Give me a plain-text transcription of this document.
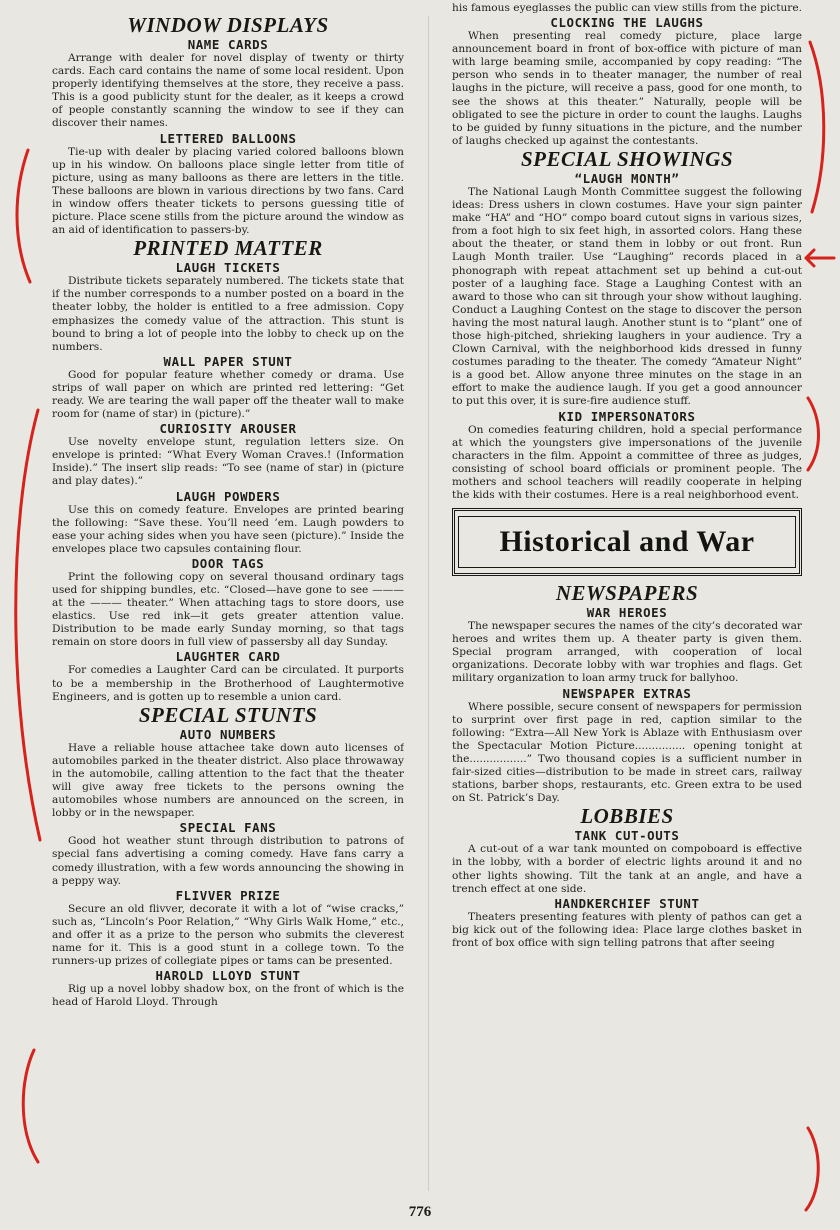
WINDOW DISPLAYS
NAME CARDS

Arrange with dealer for novel display of twenty or thirty cards. Each card contains the name of some local resident. Upon properly identifying themselves at the store, they receive a pass. This is a good publicity stunt for the dealer, as it keeps a crowd of people constantly scanning the window to see if they can discover their names.

LETTERED BALLOONS

Tie-up with dealer by placing varied colored balloons blown up in his window. On balloons place single letter from title of picture, using as many balloons as there are letters in the title. These balloons are blown in various directions by two fans. Card in window offers theater tickets to persons guessing title of picture. Place scene stills from the picture around the window as an aid of identification to passers-by.

PRINTED MATTER
LAUGH TICKETS

Distribute tickets separately numbered. The tickets state that if the number corresponds to a number posted on a board in the theater lobby, the holder is entitled to a free admission. Copy emphasizes the comedy value of the attraction. This stunt is bound to bring a lot of people into the lobby to check up on the numbers.

WALL PAPER STUNT

Good for popular feature whether comedy or drama. Use strips of wall paper on which are printed red lettering: “Get ready. We are tearing the wall paper off the theater wall to make room for (name of star) in (picture).”

CURIOSITY AROUSER

Use novelty envelope stunt, regulation letters size. On envelope is printed: “What Every Woman Craves.! (Information Inside).” The insert slip reads: “To see (name of star) in (picture and play dates).”

LAUGH POWDERS

Use this on comedy feature. Envelopes are printed bearing the following: “Save these. You’ll need ’em. Laugh powders to ease your aching sides when you have seen (picture).” Inside the envelopes place two capsules containing flour.

DOOR TAGS

Print the following copy on several thousand ordinary tags used for shipping bundles, etc. “Closed—have gone to see ——— at the ——— theater.” When attaching tags to store doors, use elastics. Use red ink—it gets greater attention value. Distribution to be made early Sunday morning, so that tags remain on store doors in full view of passersby all day Sunday.

LAUGHTER CARD

For comedies a Laughter Card can be circulated. It purports to be a membership in the Brotherhood of Laughtermotive Engineers, and is gotten up to resemble a union card.

SPECIAL STUNTS
AUTO NUMBERS

Have a reliable house attachee take down auto licenses of automobiles parked in the theater district. Also place throwaway in the automobile, calling attention to the fact that the theater will give away free tickets to the persons owning the automobiles whose numbers are announced on the screen, in lobby or in the newspaper.

SPECIAL FANS

Good hot weather stunt through distribution to patrons of special fans advertising a coming comedy. Have fans carry a comedy illustration, with a few words announcing the showing in a peppy way.

FLIVVER PRIZE

Secure an old flivver, decorate it with a lot of “wise cracks,” such as, “Lincoln’s Poor Relation,” “Why Girls Walk Home,” etc., and offer it as a prize to the person who submits the cleverest name for it. This is a good stunt in a college town. To the runners-up prizes of collegiate pipes or tams can be presented.

HAROLD LLOYD STUNT

Rig up a novel lobby shadow box, on the front of which is the head of Harold Lloyd. Through

his famous eyeglasses the public can view stills from the picture.

CLOCKING THE LAUGHS

When presenting real comedy picture, place large announcement board in front of box-office with picture of man with large beaming smile, accompanied by copy reading: “The person who sends in to theater manager, the number of real laughs in the picture, will receive a pass, good for one month, to see the shows at this theater.” Naturally, people will be obligated to see the picture in order to count the laughs. Laughs to be guided by funny situations in the picture, and the number of laughs checked up against the contestants.

SPECIAL SHOWINGS
“LAUGH MONTH”

The National Laugh Month Committee suggest the following ideas: Dress ushers in clown costumes. Have your sign painter make “HA” and “HO” compo board cutout signs in various sizes, from a foot high to six feet high, in assorted colors. Hang these about the theater, or stand them in lobby or out front. Run Laugh Month trailer. Use “Laughing” records placed in a phonograph with repeat attachment set up behind a cut-out poster of a laughing face. Stage a Laughing Contest with an award to those who can sit through your show without laughing. Conduct a Laughing Contest on the stage to discover the person having the most natural laugh. Another stunt is to “plant” one of those high-pitched, shrieking laughers in your audience. Try a Clown Carnival, with the neighborhood kids dressed in funny costumes parading to the theater. The comedy “Amateur Night” is a good bet. Allow anyone three minutes on the stage in an effort to make the audience laugh. If you get a good announcer to put this over, it is sure-fire audience stuff.

KID IMPERSONATORS

On comedies featuring children, hold a special performance at which the youngsters give impersonations of the juvenile characters in the film. Appoint a committee of three as judges, consisting of school board officials or prominent people. The mothers and school teachers will readily cooperate in helping the kids with their costumes. Here is a real neighborhood event.

Historical and War
NEWSPAPERS
WAR HEROES

The newspaper secures the names of the city’s decorated war heroes and writes them up. A theater party is given them. Special program arranged, with cooperation of local organizations. Decorate lobby with war trophies and flags. Get military organization to loan army truck for ballyhoo.

NEWSPAPER EXTRAS

Where possible, secure consent of newspapers for permission to surprint over first page in red, caption similar to the following: “Extra—All New York is Ablaze with Enthusiasm over the Spectacular Motion Picture............... opening tonight at the.................” Two thousand copies is a sufficient number in fair-sized cities—distribution to be made in street cars, railway stations, barber shops, restaurants, etc. Green extra to be used on St. Patrick’s Day.

LOBBIES
TANK CUT-OUTS

A cut-out of a war tank mounted on compoboard is effective in the lobby, with a border of electric lights around it and no other lights showing. Tilt the tank at an angle, and have a trench effect at one side.

HANDKERCHIEF STUNT

Theaters presenting features with plenty of pathos can get a big kick out of the following idea: Place large clothes basket in front of box office with sign telling patrons that after seeing

776
